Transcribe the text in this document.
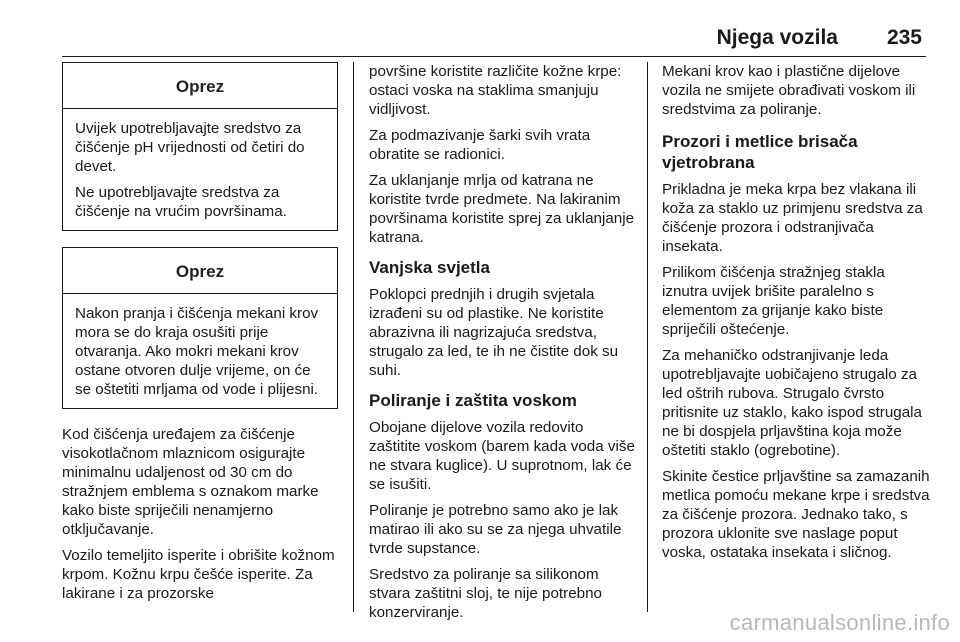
Njega vozila 235
Oprez

Uvijek upotrebljavajte sredstvo za čišćenje pH vrijednosti od četiri do devet.

Ne upotrebljavajte sredstva za čišćenje na vrućim površinama.

Oprez

Nakon pranja i čišćenja mekani krov mora se do kraja osušiti prije otvaranja. Ako mokri mekani krov ostane otvoren dulje vrijeme, on će se oštetiti mrljama od vode i plijesni.

Kod čišćenja uređajem za čišćenje visokotlačnom mlaznicom osigurajte minimalnu udaljenost od 30 cm do stražnjem emblema s oznakom marke kako biste spriječili nenamjerno otključavanje.

Vozilo temeljito isperite i obrišite kožnom krpom. Kožnu krpu češće isperite. Za lakirane i za prozorske

površine koristite različite kožne krpe: ostaci voska na staklima smanjuju vidljivost.

Za podmazivanje šarki svih vrata obratite se radionici.

Za uklanjanje mrlja od katrana ne koristite tvrde predmete. Na lakiranim površinama koristite sprej za uklanjanje katrana.

Vanjska svjetla

Poklopci prednjih i drugih svjetala izrađeni su od plastike. Ne koristite abrazivna ili nagrizajuća sredstva, strugalo za led, te ih ne čistite dok su suhi.

Poliranje i zaštita voskom

Obojane dijelove vozila redovito zaštitite voskom (barem kada voda više ne stvara kuglice). U suprotnom, lak će se isušiti.

Poliranje je potrebno samo ako je lak matirao ili ako su se za njega uhvatile tvrde supstance.

Sredstvo za poliranje sa silikonom stvara zaštitni sloj, te nije potrebno konzerviranje.

Mekani krov kao i plastične dijelove vozila ne smijete obrađivati voskom ili sredstvima za poliranje.

Prozori i metlice brisača vjetrobrana

Prikladna je meka krpa bez vlakana ili koža za staklo uz primjenu sredstva za čišćenje prozora i odstranjivača insekata.

Prilikom čišćenja stražnjeg stakla iznutra uvijek brišite paralelno s elementom za grijanje kako biste spriječili oštećenje.

Za mehaničko odstranjivanje leda upotrebljavajte uobičajeno strugalo za led oštrih rubova. Strugalo čvrsto pritisnite uz staklo, kako ispod strugala ne bi dospjela prljavština koja može oštetiti staklo (ogrebotine).

Skinite čestice prljavštine sa zamazanih metlica pomoću mekane krpe i sredstva za čišćenje prozora. Jednako tako, s prozora uklonite sve naslage poput voska, ostataka insekata i sličnog.

carmanualsonline.info
